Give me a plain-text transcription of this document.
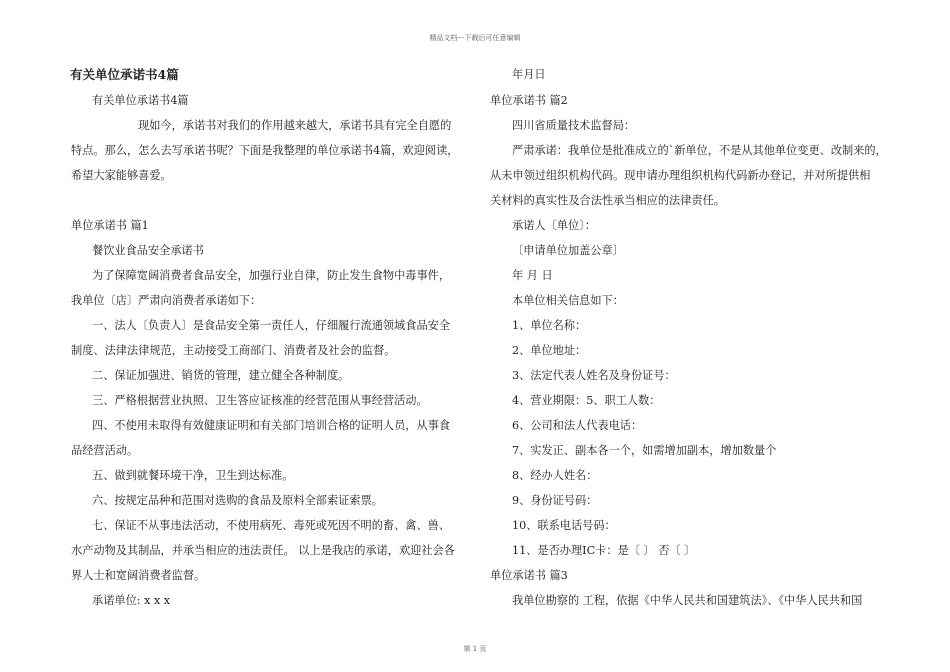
精品文档---下载后可任意编辑
有关单位承诺书4篇
有关单位承诺书4篇
现如今，承诺书对我们的作用越来越大，承诺书具有完全自愿的
特点。那么，怎么去写承诺书呢？下面是我整理的单位承诺书4篇，欢迎阅读，
希望大家能够喜爱。
单位承诺书 篇1
餐饮业食品安全承诺书
为了保障宽阔消费者食品安全，加强行业自律，防止发生食物中毒事件，
我单位〔店〕严肃向消费者承诺如下：
一、法人〔负责人〕是食品安全第一责任人，仔细履行流通领域食品安全
制度、法律法律规范，主动接受工商部门、消费者及社会的监督。
二、保证加强进、销货的管理，建立健全各种制度。
三、严格根据营业执照、卫生答应证核准的经营范围从事经营活动。
四、不使用未取得有效健康证明和有关部门培训合格的证明人员，从事食
品经营活动。
五、做到就餐环境干净，卫生到达标准。
六、按规定品种和范围对选购的食品及原料全部索证索票。
七、保证不从事违法活动，不使用病死、毒死或死因不明的畜、禽、兽、
水产动物及其制品，并承当相应的违法责任。 以上是我店的承诺，欢迎社会各
界人士和宽阔消费者监督。
承诺单位: x x x
年月日
单位承诺书 篇2
四川省质量技术监督局：
严肃承诺：我单位是批准成立的`新单位，不是从其他单位变更、改制来的，
从未申领过组织机构代码。现申请办理组织机构代码新办登记，并对所提供相
关材料的真实性及合法性承当相应的法律责任。
承诺人〔单位〕：
〔申请单位加盖公章〕
年 月 日
本单位相关信息如下：
1、单位名称：
2、单位地址：
3、法定代表人姓名及身份证号：
4、营业期限：5、职工人数：
6、公司和法人代表电话：
7、实发正、副本各一个，如需增加副本，增加数量个
8、经办人姓名：
9、身份证号码：
10、联系电话号码：
11、是否办理IC卡：是〔 〕 否〔 〕
单位承诺书 篇3
我单位勘察的 工程，依据《中华人民共和国建筑法》、《中华人民共和国
第 1 页
